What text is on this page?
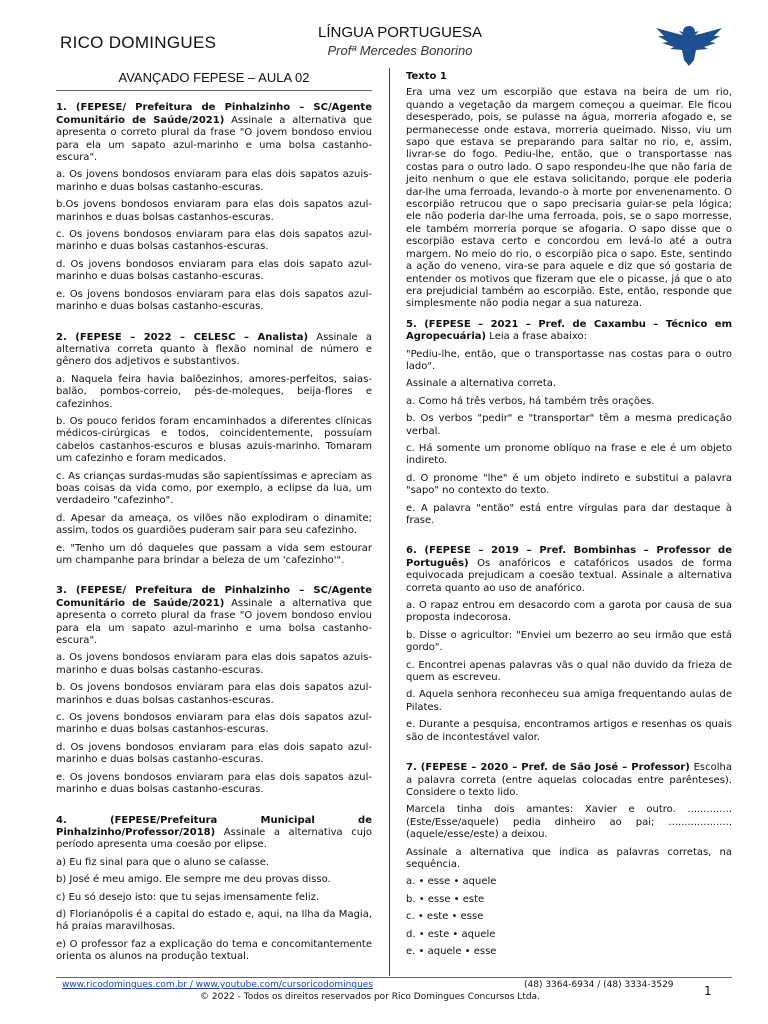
RICO DOMINGUES
LÍNGUA PORTUGUESA
Profª Mercedes Bonorino
AVANÇADO FEPESE – AULA 02
1. (FEPESE/ Prefeitura de Pinhalzinho – SC/Agente Comunitário de Saúde/2021) Assinale a alternativa que apresenta o correto plural da frase "O jovem bondoso enviou para ela um sapato azul-marinho e uma bolsa castanho-escura".
a. Os jovens bondosos enviaram para elas dois sapatos azuis-marinho e duas bolsas castanho-escuras.
b.Os jovens bondosos enviaram para elas dois sapatos azul-marinhos e duas bolsas castanhos-escuras.
c. Os jovens bondosos enviaram para elas dois sapatos azul-marinho e duas bolsas castanhos-escuras.
d. Os jovens bondosos enviaram para elas dois sapato azul-marinho e duas bolsas castanho-escuras.
e. Os jovens bondosos enviaram para elas dois sapatos azul-marinho e duas bolsas castanho-escuras.
2. (FEPESE – 2022 – CELESC – Analista) Assinale a alternativa correta quanto à flexão nominal de número e gênero dos adjetivos e substantivos.
a. Naquela feira havia balõezinhos, amores-perfeitos, saias-balão, pombos-correio, pés-de-moleques, beija-flores e cafezinhos.
b. Os pouco feridos foram encaminhados a diferentes clínicas médicos-cirúrgicas e todos, coincidentemente, possuíam cabelos castanhos-escuros e blusas azuis-marinho. Tomaram um cafezinho e foram medicados.
c. As crianças surdas-mudas são sapientíssimas e apreciam as boas coisas da vida como, por exemplo, a eclipse da lua, um verdadeiro "cafezinho".
d. Apesar da ameaça, os vilões não explodiram o dinamite; assim, todos os guardiões puderam sair para seu cafezinho.
e. "Tenho um dó daqueles que passam a vida sem estourar um champanhe para brindar a beleza de um 'cafezinho'".
3. (FEPESE/ Prefeitura de Pinhalzinho – SC/Agente Comunitário de Saúde/2021) Assinale a alternativa que apresenta o correto plural da frase "O jovem bondoso enviou para ela um sapato azul-marinho e uma bolsa castanho-escura".
a. Os jovens bondosos enviaram para elas dois sapatos azuis-marinho e duas bolsas castanho-escuras.
b. Os jovens bondosos enviaram para elas dois sapatos azul-marinhos e duas bolsas castanhos-escuras.
c. Os jovens bondosos enviaram para elas dois sapatos azul-marinho e duas bolsas castanhos-escuras.
d. Os jovens bondosos enviaram para elas dois sapato azul-marinho e duas bolsas castanho-escuras.
e. Os jovens bondosos enviaram para elas dois sapatos azul-marinho e duas bolsas castanho-escuras.
4. (FEPESE/Prefeitura Municipal de Pinhalzinho/Professor/2018) Assinale a alternativa cujo período apresenta uma coesão por elipse.
a) Eu fiz sinal para que o aluno se calasse.
b) José é meu amigo. Ele sempre me deu provas disso.
c) Eu só desejo isto: que tu sejas imensamente feliz.
d) Florianópolis é a capital do estado e, aqui, na Ilha da Magia, há praias maravilhosas.
e) O professor faz a explicação do tema e concomitantemente orienta os alunos na produção textual.
Texto 1
Era uma vez um escorpião que estava na beira de um rio, quando a vegetação da margem começou a queimar. Ele ficou desesperado, pois, se pulasse na água, morreria afogado e, se permanecesse onde estava, morreria queimado. Nisso, viu um sapo que estava se preparando para saltar no rio, e, assim, livrar-se do fogo. Pediu-lhe, então, que o transportasse nas costas para o outro lado. O sapo respondeu-lhe que não faria de jeito nenhum o que ele estava solicitando, porque ele poderia dar-lhe uma ferroada, levando-o à morte por envenenamento. O escorpião retrucou que o sapo precisaria guiar-se pela lógica; ele não poderia dar-lhe uma ferroada, pois, se o sapo morresse, ele também morreria porque se afogaria. O sapo disse que o escorpião estava certo e concordou em levá-lo até a outra margem. No meio do rio, o escorpião pica o sapo. Este, sentindo a ação do veneno, vira-se para aquele e diz que só gostaria de entender os motivos que fizeram que ele o picasse, já que o ato era prejudicial também ao escorpião. Este, então, responde que simplesmente não podia negar a sua natureza.
5. (FEPESE – 2021 – Pref. de Caxambu – Técnico em Agropecuária) Leia a frase abaixo:
"Pediu-lhe, então, que o transportasse nas costas para o outro lado".
Assinale a alternativa correta.
a. Como há três verbos, há também três orações.
b. Os verbos "pedir" e "transportar" têm a mesma predicação verbal.
c. Há somente um pronome oblíquo na frase e ele é um objeto indireto.
d. O pronome "lhe" é um objeto indireto e substitui a palavra "sapo" no contexto do texto.
e. A palavra "então" está entre vírgulas para dar destaque à frase.
6. (FEPESE – 2019 – Pref. Bombinhas – Professor de Português) Os anafóricos e catafóricos usados de forma equivocada prejudicam a coesão textual. Assinale a alternativa correta quanto ao uso de anafórico.
a. O rapaz entrou em desacordo com a garota por causa de sua proposta indecorosa.
b. Disse o agricultor: "Enviei um bezerro ao seu irmão que está gordo".
c. Encontrei apenas palavras vãs o qual não duvido da frieza de quem as escreveu.
d. Aquela senhora reconheceu sua amiga frequentando aulas de Pilates.
e. Durante a pesquisa, encontramos artigos e resenhas os quais são de incontestável valor.
7. (FEPESE – 2020 – Pref. de São José – Professor) Escolha a palavra correta (entre aquelas colocadas entre parênteses). Considere o texto lido.
Marcela tinha dois amantes: Xavier e outro. ..............(Este/Esse/aquele) pedia dinheiro ao pai; .................... (aquele/esse/este) a deixou.
Assinale a alternativa que indica as palavras corretas, na sequência.
a. • esse • aquele
b. • esse • este
c. • este • esse
d. • este • aquele
e. • aquele • esse
www.ricodomingues.com.br / www.youtube.com/cursoricodomingues	(48) 3364-6934 / (48) 3334-3529
© 2022 - Todos os direitos reservados por Rico Domingues Concursos Ltda.	1
